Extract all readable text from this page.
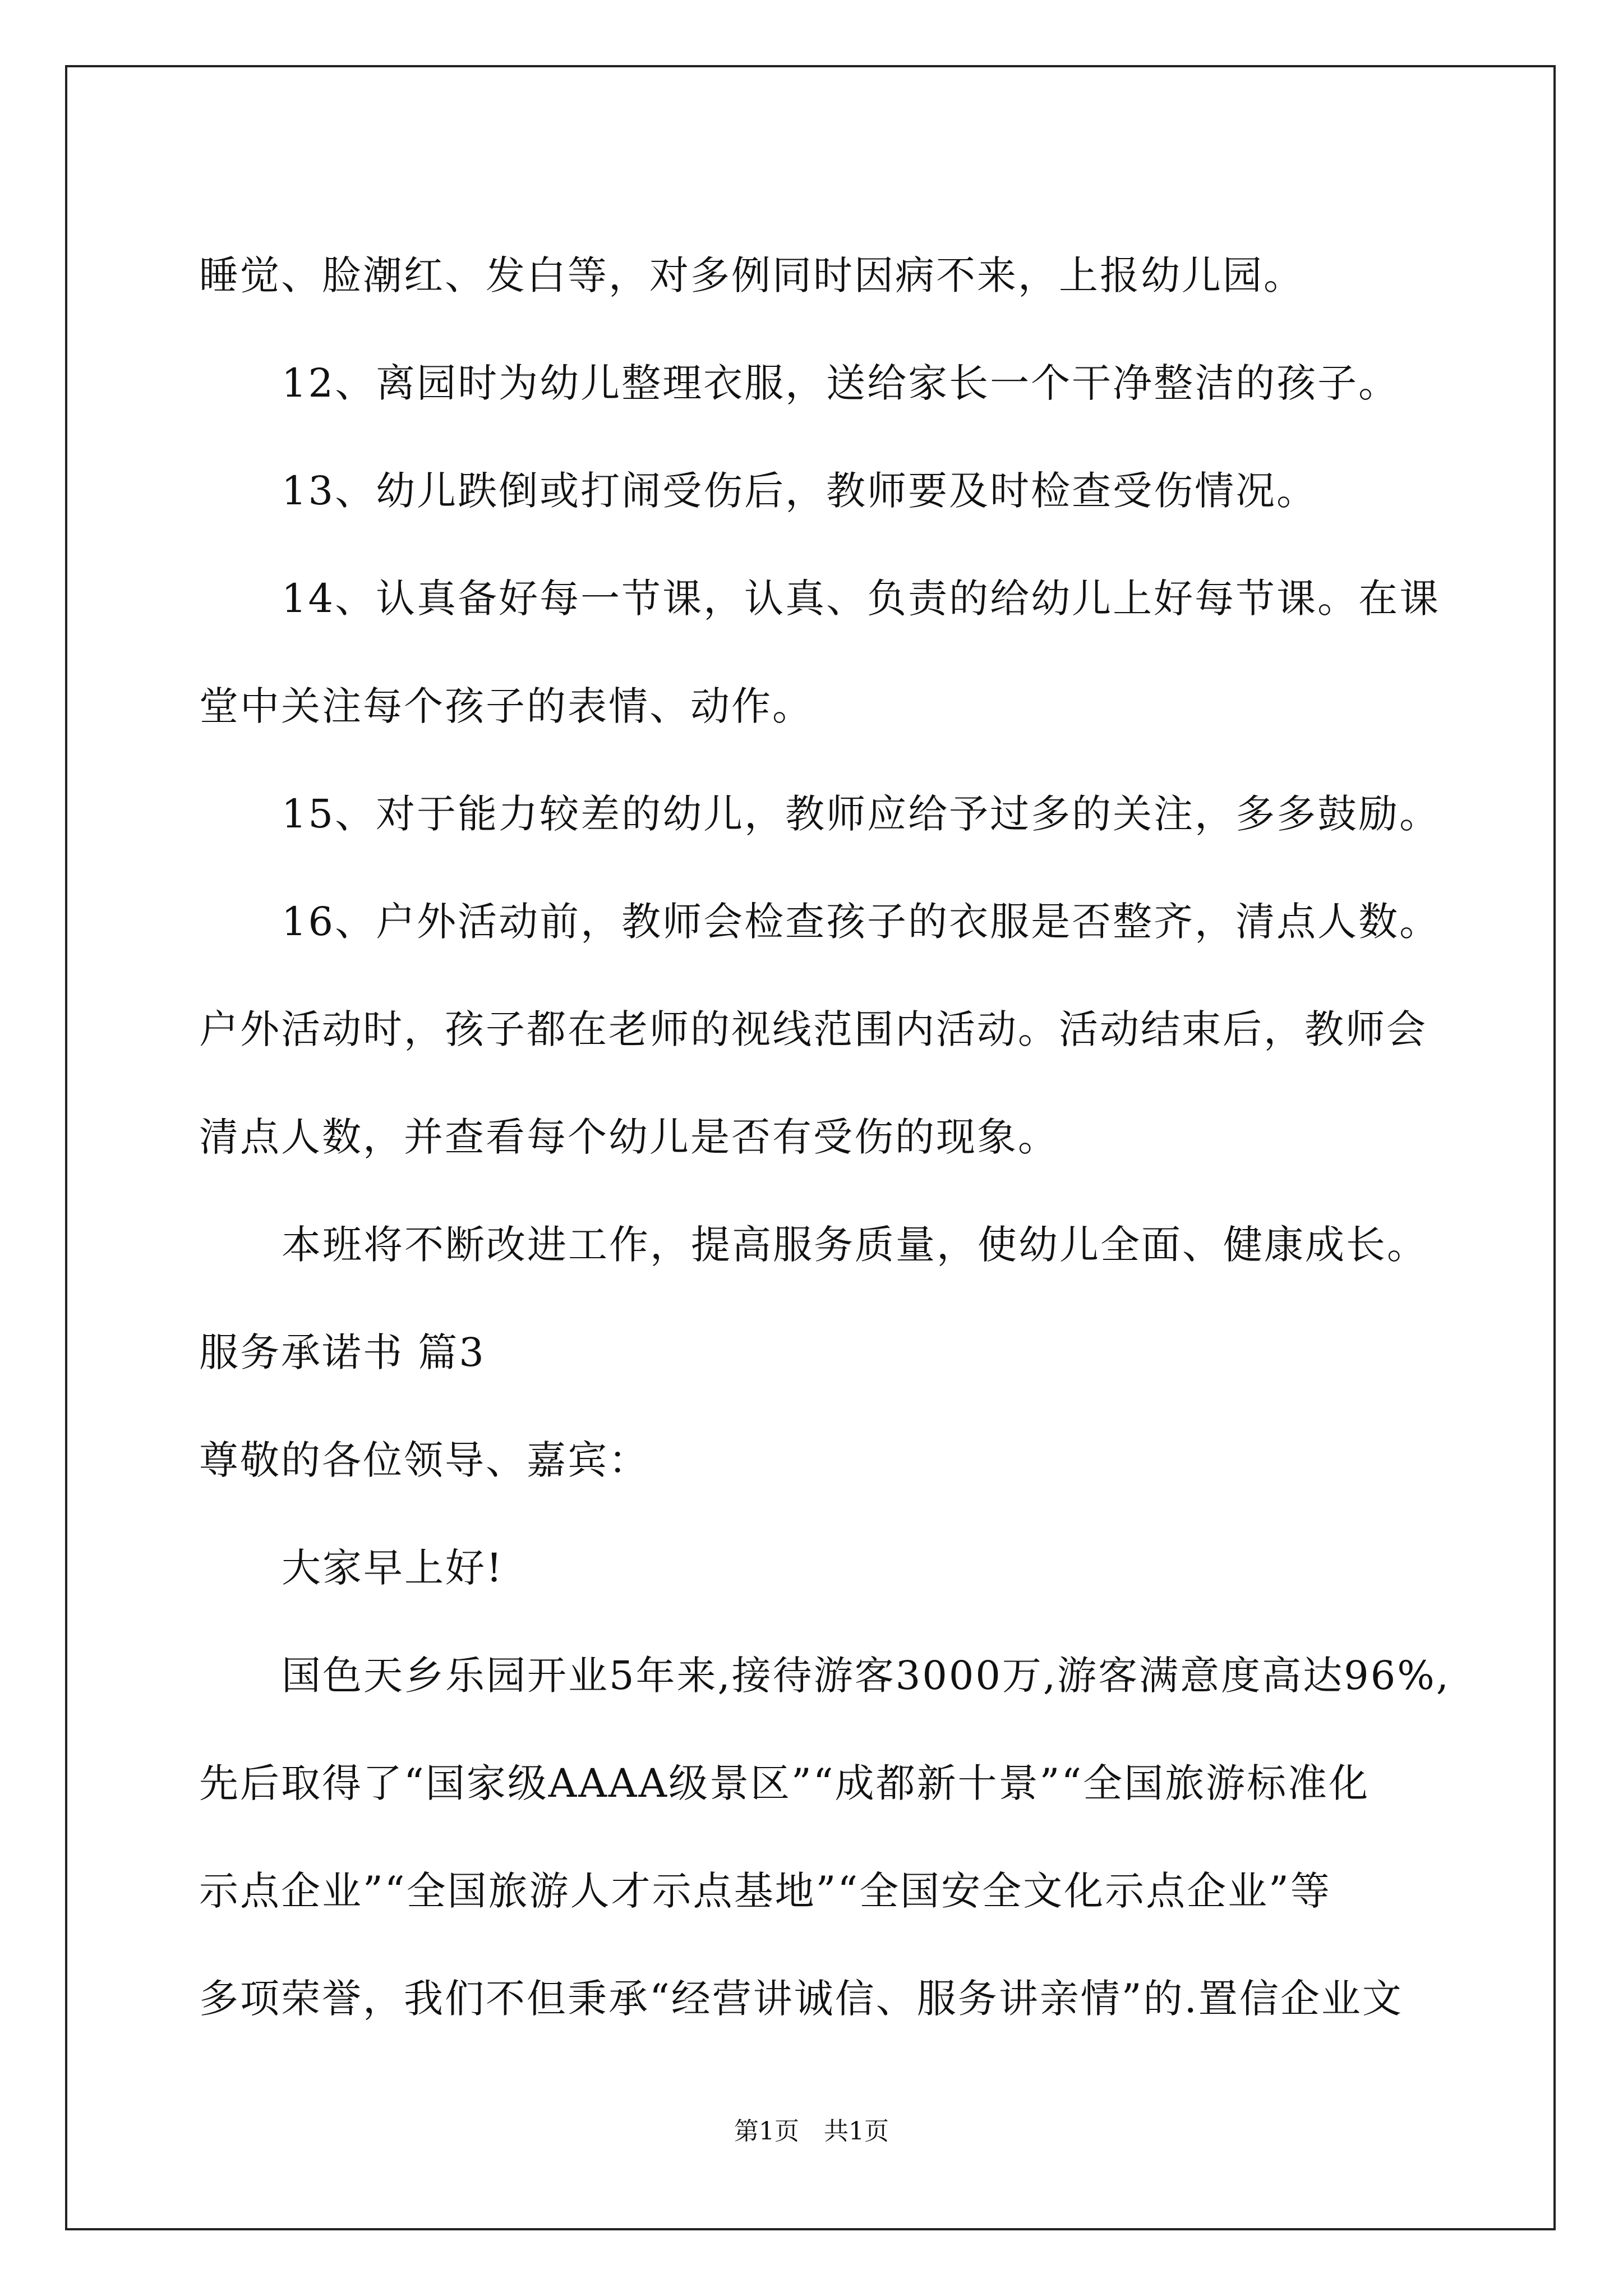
睡觉、脸潮红、发白等，对多例同时因病不来，上报幼儿园。
12、离园时为幼儿整理衣服，送给家长一个干净整洁的孩子。
13、幼儿跌倒或打闹受伤后，教师要及时检查受伤情况。
14、认真备好每一节课，认真、负责的给幼儿上好每节课。在课
堂中关注每个孩子的表情、动作。
15、对于能力较差的幼儿，教师应给予过多的关注，多多鼓励。
16、户外活动前，教师会检查孩子的衣服是否整齐，清点人数。
户外活动时，孩子都在老师的视线范围内活动。活动结束后，教师会
清点人数，并查看每个幼儿是否有受伤的现象。
本班将不断改进工作，提高服务质量，使幼儿全面、健康成长。
服务承诺书 篇3
尊敬的各位领导、嘉宾：
大家早上好!
国色天乡乐园开业5年来,接待游客3000万,游客满意度高达96%,
先后取得了“国家级AAAA级景区”“成都新十景”“全国旅游标准化
示点企业”“全国旅游人才示点基地”“全国安全文化示点企业”等
多项荣誉，我们不但秉承“经营讲诚信、服务讲亲情”的.置信企业文
第1页　共1页
